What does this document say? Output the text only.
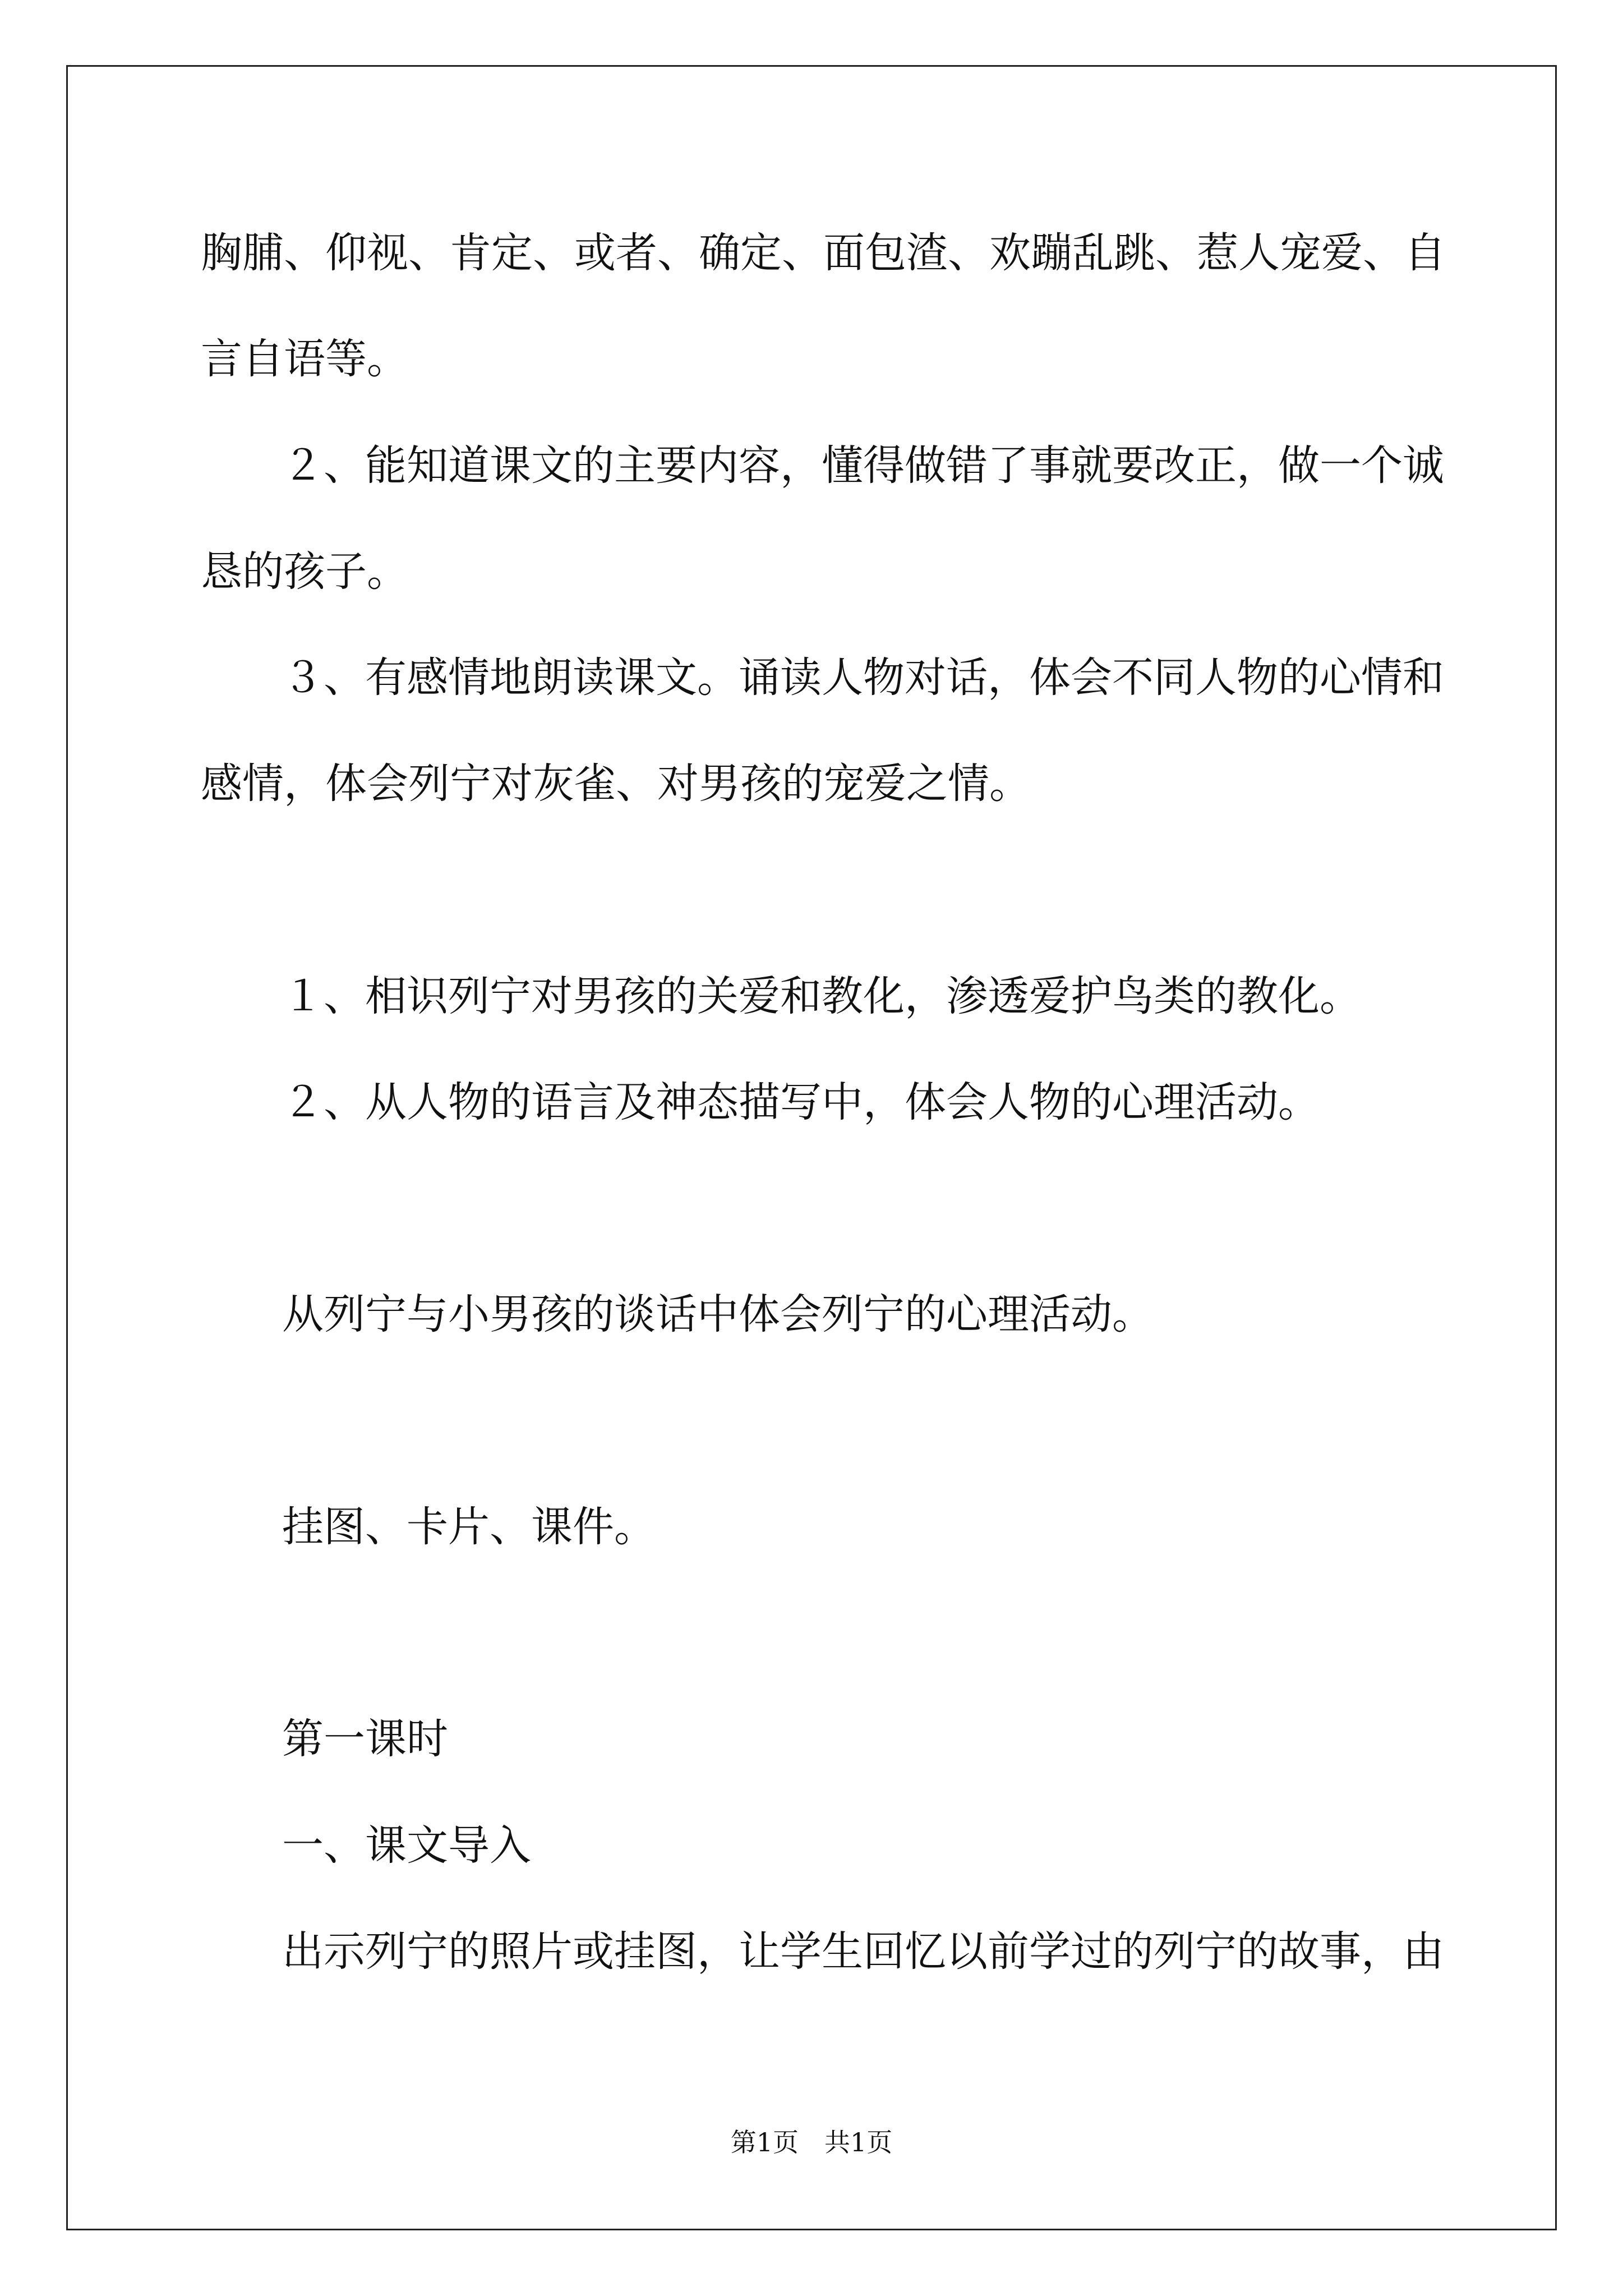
胸脯、仰视、肯定、或者、确定、面包渣、欢蹦乱跳、惹人宠爱、自
言自语等。
２、能知道课文的主要内容，懂得做错了事就要改正，做一个诚
恳的孩子。
３、有感情地朗读课文。诵读人物对话，体会不同人物的心情和
感情，体会列宁对灰雀、对男孩的宠爱之情。
１、相识列宁对男孩的关爱和教化，渗透爱护鸟类的教化。
２、从人物的语言及神态描写中，体会人物的心理活动。
从列宁与小男孩的谈话中体会列宁的心理活动。
挂图、卡片、课件。
第一课时
一、课文导入
出示列宁的照片或挂图，让学生回忆以前学过的列宁的故事，由
第1页　共1页
